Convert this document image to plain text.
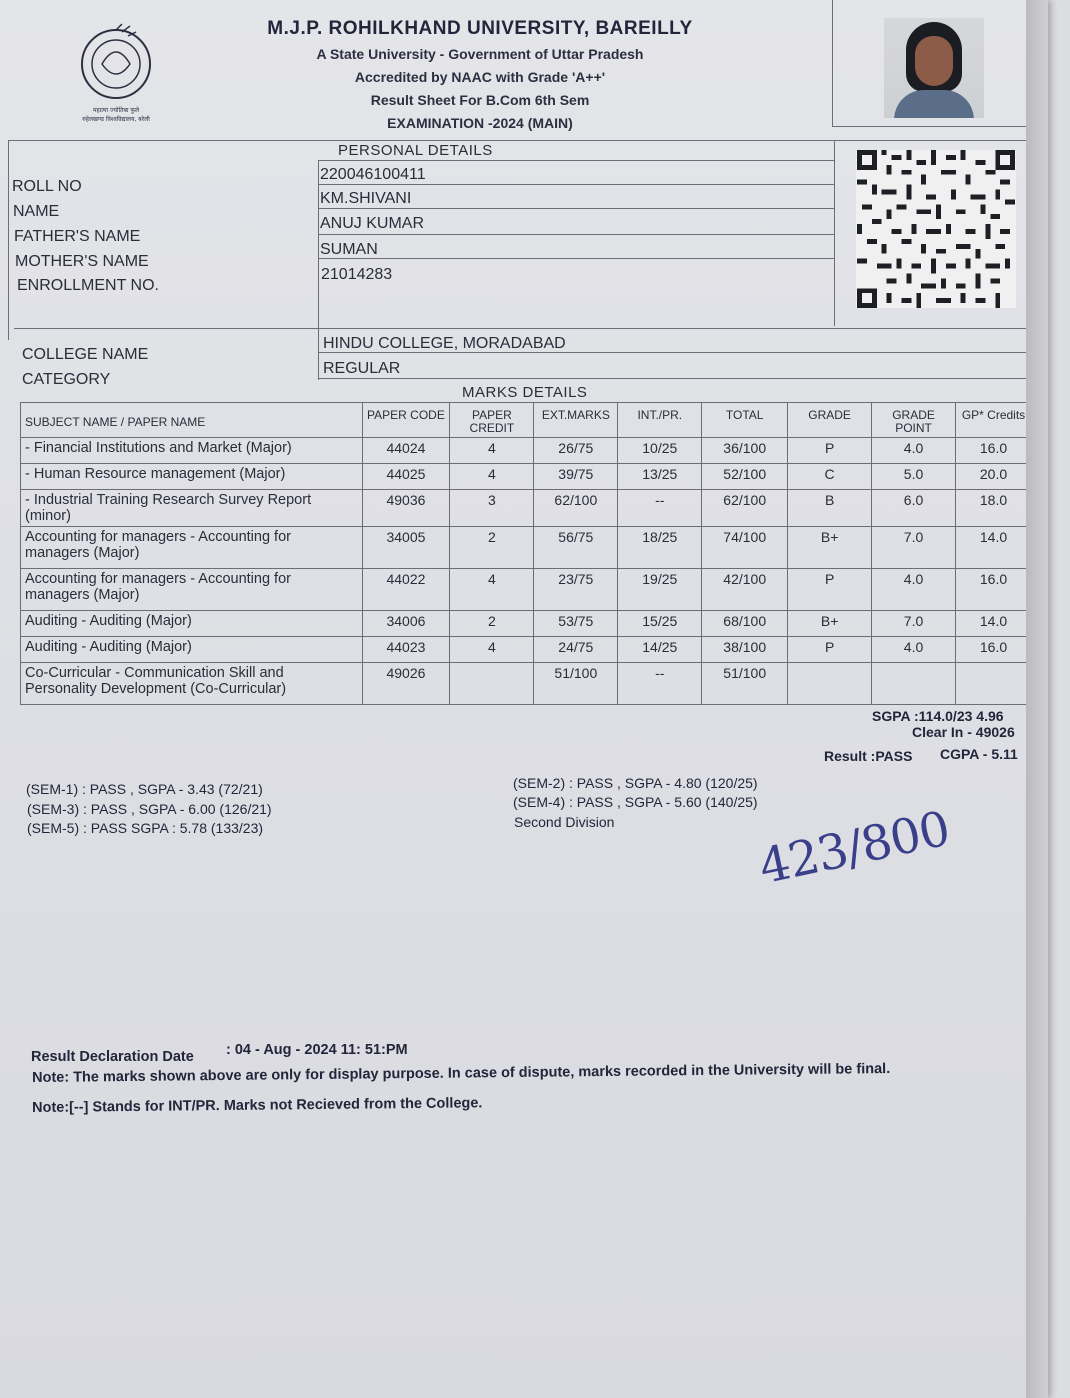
महात्मा ज्योतिबा फुले
रुहेलखण्ड विश्वविद्यालय, बरेली
M.J.P. ROHILKHAND UNIVERSITY, BAREILLY
A State University - Government of Uttar Pradesh
Accredited by NAAC with Grade 'A++'
Result Sheet For B.Com 6th Sem
EXAMINATION -2024 (MAIN)
PERSONAL DETAILS
ROLL NO
220046100411
NAME
KM.SHIVANI
FATHER'S NAME
ANUJ KUMAR
MOTHER'S NAME
SUMAN
ENROLLMENT NO.
21014283
COLLEGE NAME
HINDU COLLEGE, MORADABAD
CATEGORY
REGULAR
MARKS DETAILS
SUBJECT NAME / PAPER NAME	PAPER CODE	PAPER CREDIT	EXT.MARKS	INT./PR.	TOTAL	GRADE	GRADE POINT	GP* Credits
- Financial Institutions and Market (Major)	44024	4	26/75	10/25	36/100	P	4.0	16.0
- Human Resource management (Major)	44025	4	39/75	13/25	52/100	C	5.0	20.0
- Industrial Training Research Survey Report (minor)	49036	3	62/100	--	62/100	B	6.0	18.0
Accounting for managers - Accounting for managers (Major)	34005	2	56/75	18/25	74/100	B+	7.0	14.0
Accounting for managers - Accounting for managers (Major)	44022	4	23/75	19/25	42/100	P	4.0	16.0
Auditing - Auditing (Major)	34006	2	53/75	15/25	68/100	B+	7.0	14.0
Auditing - Auditing (Major)	44023	4	24/75	14/25	38/100	P	4.0	16.0
Co-Curricular - Communication Skill and Personality Development (Co-Curricular)	49026		51/100	--	51/100			
SGPA :114.0/23 4.96
Clear In - 49026
Result :PASS CGPA - 5.11
(SEM-1) : PASS , SGPA - 3.43 (72/21)
(SEM-3) : PASS , SGPA - 6.00 (126/21)
(SEM-5) : PASS SGPA : 5.78 (133/23)
(SEM-2) : PASS , SGPA - 4.80 (120/25)
(SEM-4) : PASS , SGPA - 5.60 (140/25)
Second Division	423/800
Result Declaration Date : 04 - Aug - 2024 11: 51:PM
Note: The marks shown above are only for display purpose. In case of dispute, marks recorded in the University will be final.
Note:[--] Stands for INT/PR. Marks not Recieved from the College.
